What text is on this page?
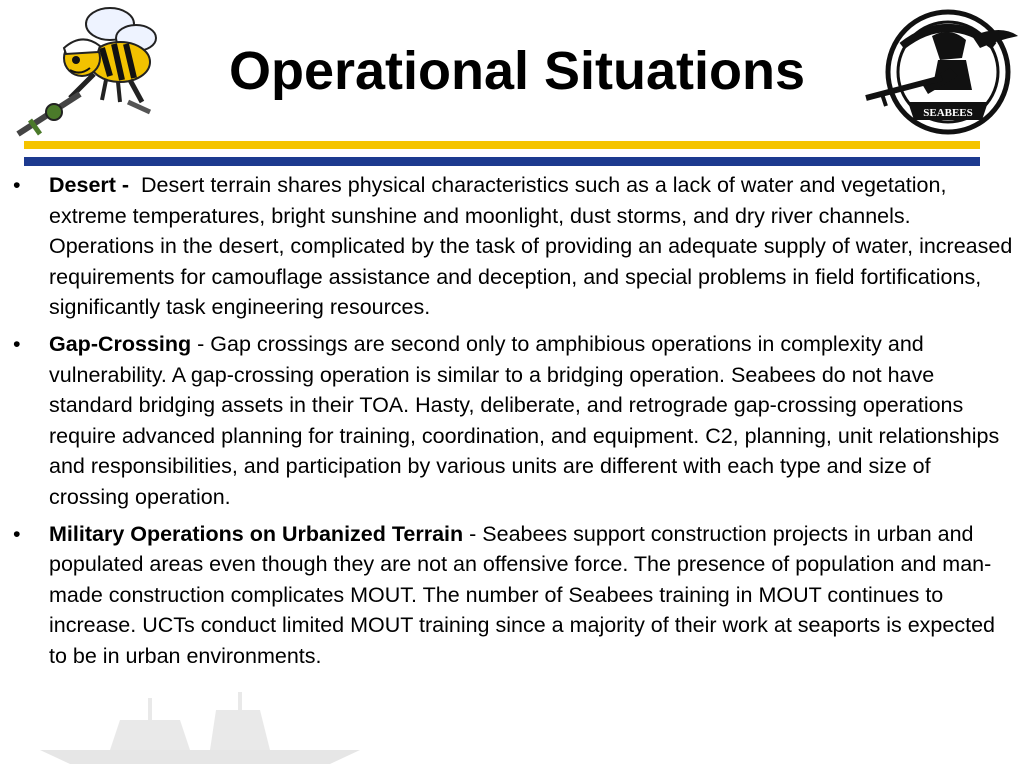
Operational Situations
SEABEES
• Desert - Desert terrain shares physical characteristics such as a lack of water and vegetation, extreme temperatures, bright sunshine and moonlight, dust storms, and dry river channels. Operations in the desert, complicated by the task of providing an adequate supply of water, increased requirements for camouflage assistance and deception, and special problems in field fortifications, significantly task engineering resources.
• Gap-Crossing - Gap crossings are second only to amphibious operations in complexity and vulnerability. A gap-crossing operation is similar to a bridging operation. Seabees do not have standard bridging assets in their TOA. Hasty, deliberate, and retrograde gap-crossing operations require advanced planning for training, coordination, and equipment. C2, planning, unit relationships and responsibilities, and participation by various units are different with each type and size of crossing operation.
• Military Operations on Urbanized Terrain - Seabees support construction projects in urban and populated areas even though they are not an offensive force. The presence of population and man-made construction complicates MOUT. The number of Seabees training in MOUT continues to increase. UCTs conduct limited MOUT training since a majority of their work at seaports is expected to be in urban environments.
